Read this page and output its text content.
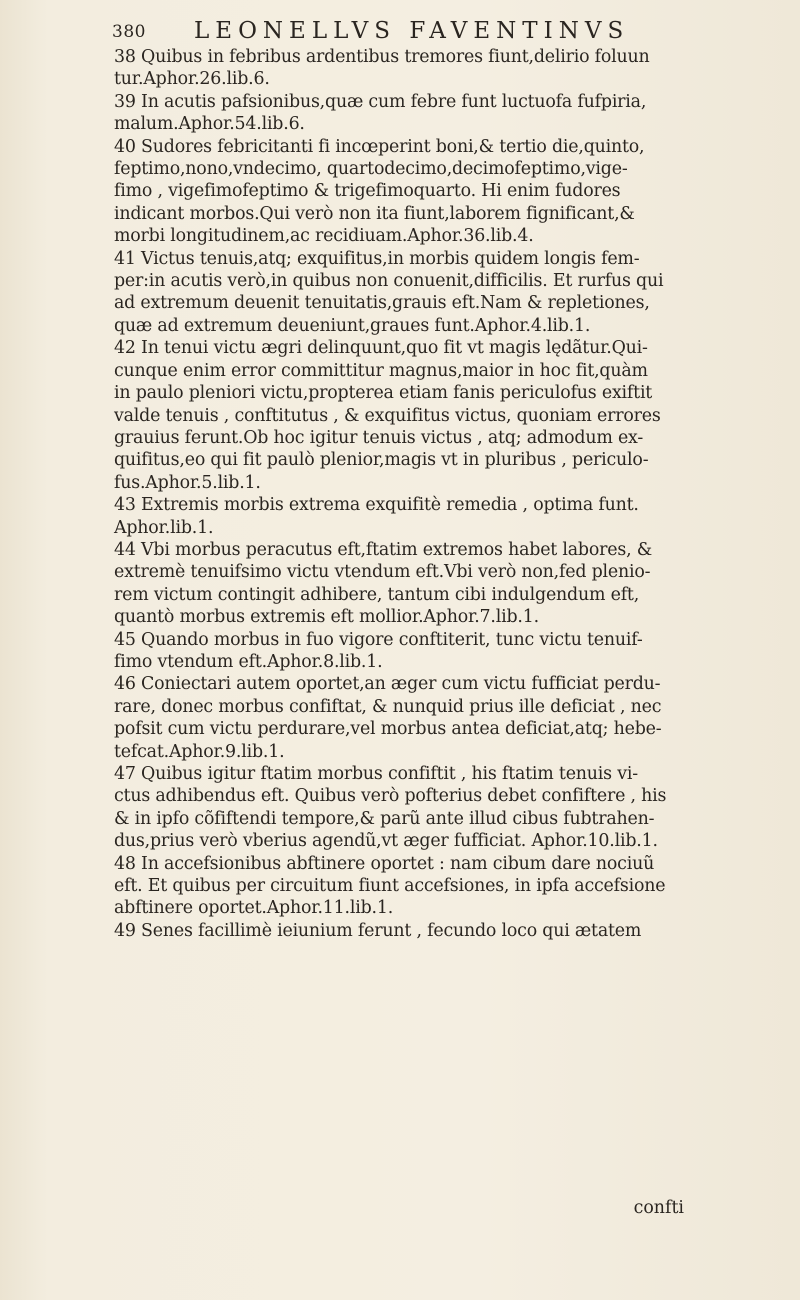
380 LEONELLVS FAVENTINVS
38 Quibus in febribus ardentibus tremores fiunt,delirio foluun
tur.Aphor.26.lib.6.
39 In acutis pafsionibus,quæ cum febre funt luctuofa fufpiria,
malum.Aphor.54.lib.6.
40 Sudores febricitanti fi incœperint boni,& tertio die,quinto,
feptimo,nono,vndecimo, quartodecimo,decimofeptimo,vige-
fimo , vigefimofeptimo & trigefimoquarto. Hi enim fudores
indicant morbos.Qui verò non ita fiunt,laborem fignificant,&
morbi longitudinem,ac recidiuam.Aphor.36.lib.4.
41 Victus tenuis,atq; exquifitus,in morbis quidem longis fem-
per:in acutis verò,in quibus non conuenit,difficilis. Et rurfus qui
ad extremum deuenit tenuitatis,grauis eft.Nam & repletiones,
quæ ad extremum deueniunt,graues funt.Aphor.4.lib.1.
42 In tenui victu ægri delinquunt,quo fit vt magis lędãtur.Qui-
cunque enim error committitur magnus,maior in hoc fit,quàm
in paulo pleniori victu,propterea etiam fanis periculofus exiftit
valde tenuis , conftitutus , & exquifitus victus, quoniam errores
grauius ferunt.Ob hoc igitur tenuis victus , atq; admodum ex-
quifitus,eo qui fit paulò plenior,magis vt in pluribus , periculo-
fus.Aphor.5.lib.1.
43 Extremis morbis extrema exquifitè remedia , optima funt.
Aphor.lib.1.
44 Vbi morbus peracutus eft,ftatim extremos habet labores, &
extremè tenuifsimo victu vtendum eft.Vbi verò non,fed plenio-
rem victum contingit adhibere, tantum cibi indulgendum eft,
quantò morbus extremis eft mollior.Aphor.7.lib.1.
45 Quando morbus in fuo vigore conftiterit, tunc victu tenuif-
fimo vtendum eft.Aphor.8.lib.1.
46 Coniectari autem oportet,an æger cum victu fufficiat perdu-
rare, donec morbus confiftat, & nunquid prius ille deficiat , nec
pofsit cum victu perdurare,vel morbus antea deficiat,atq; hebe-
tefcat.Aphor.9.lib.1.
47 Quibus igitur ftatim morbus confiftit , his ftatim tenuis vi-
ctus adhibendus eft. Quibus verò pofterius debet confiftere , his
& in ipfo cõfiftendi tempore,& parũ ante illud cibus fubtrahen-
dus,prius verò vberius agendũ,vt æger fufficiat. Aphor.10.lib.1.
48 In accefsionibus abftinere oportet : nam cibum dare nociuũ
eft. Et quibus per circuitum fiunt accefsiones, in ipfa accefsione
abftinere oportet.Aphor.11.lib.1.
49 Senes facillimè ieiunium ferunt , fecundo loco qui ætatem
confti
